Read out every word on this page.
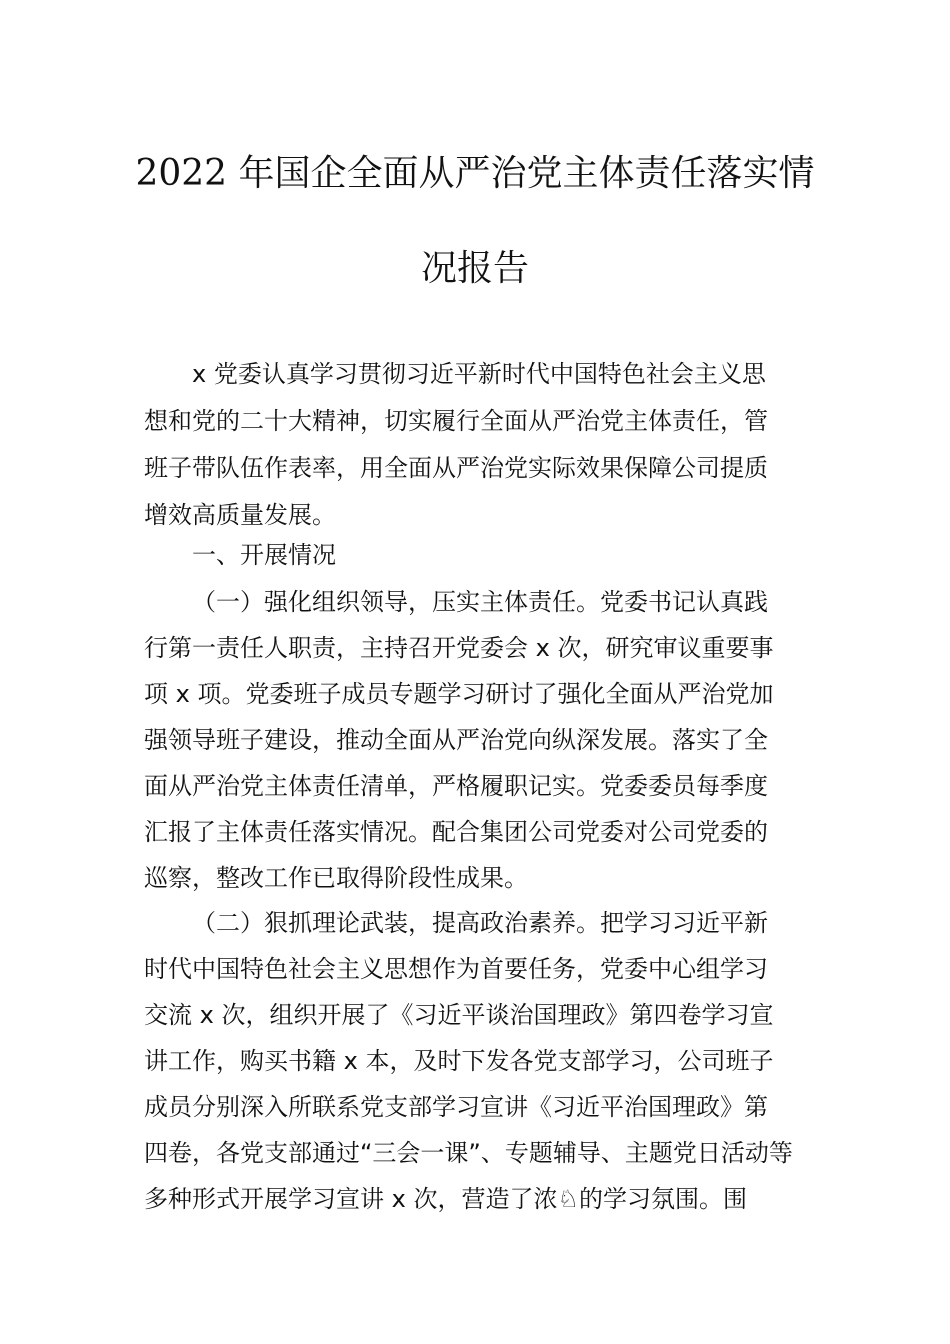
2022 年国企全面从严治党主体责任落实情
况报告
x 党委认真学习贯彻习近平新时代中国特色社会主义思
想和党的二十大精神，切实履行全面从严治党主体责任，管
班子带队伍作表率，用全面从严治党实际效果保障公司提质
增效高质量发展。
一、开展情况
（一）强化组织领导，压实主体责任。党委书记认真践
行第一责任人职责，主持召开党委会 x 次，研究审议重要事
项 x 项。党委班子成员专题学习研讨了强化全面从严治党加
强领导班子建设，推动全面从严治党向纵深发展。落实了全
面从严治党主体责任清单，严格履职记实。党委委员每季度
汇报了主体责任落实情况。配合集团公司党委对公司党委的
巡察，整改工作已取得阶段性成果。
（二）狠抓理论武装，提高政治素养。把学习习近平新
时代中国特色社会主义思想作为首要任务，党委中心组学习
交流 x 次，组织开展了《习近平谈治国理政》第四卷学习宣
讲工作，购买书籍 x 本，及时下发各党支部学习，公司班子
成员分别深入所联系党支部学习宣讲《习近平治国理政》第
四卷，各党支部通过“三会一课”、专题辅导、主题党日活动等
多种形式开展学习宣讲 x 次，营造了浓♘的学习氛围。围
